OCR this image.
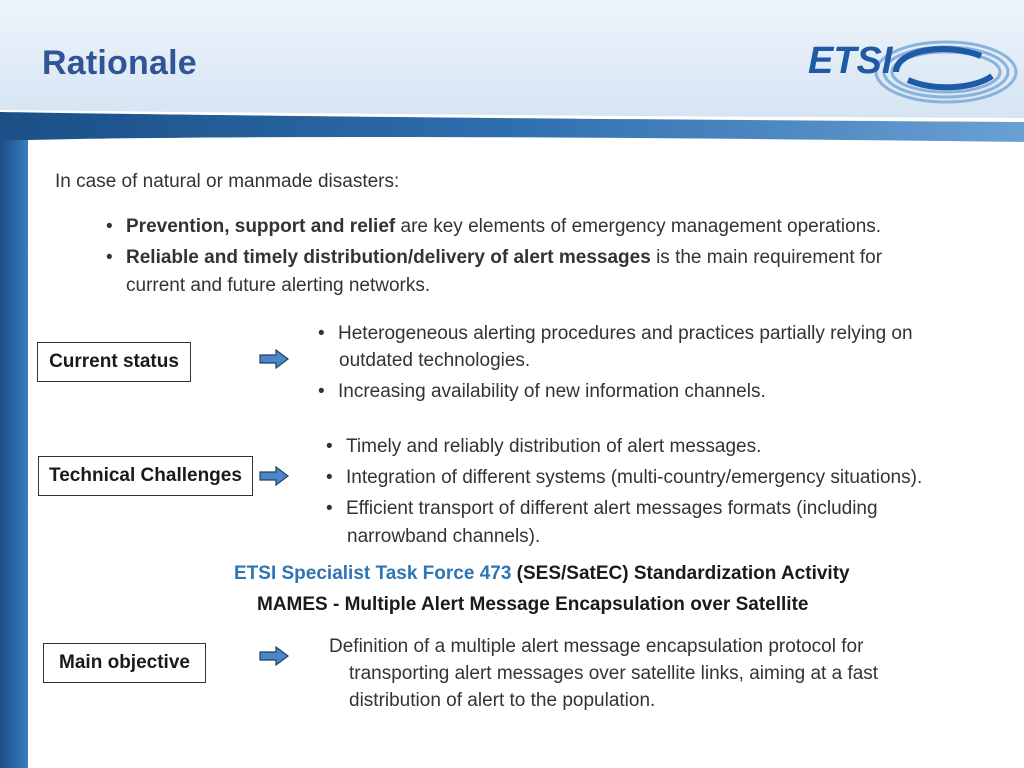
Rationale	ETSI
In case of natural or manmade disasters:
• Prevention, support and relief are key elements of emergency management operations.
• Reliable and timely distribution/delivery of alert messages is the main requirement for
current and future alerting networks.
Current status
• Heterogeneous alerting procedures and practices partially relying on
outdated technologies.
• Increasing availability of new information channels.
Technical Challenges
• Timely and reliably distribution of alert messages.
• Integration of different systems (multi-country/emergency situations).
• Efficient transport of different alert messages formats (including
narrowband channels).
ETSI Specialist Task Force 473 (SES/SatEC) Standardization Activity
MAMES - Multiple Alert Message Encapsulation over Satellite
Main objective
Definition of a multiple alert message encapsulation protocol for
transporting alert messages over satellite links, aiming at a fast
distribution of alert to the population.
